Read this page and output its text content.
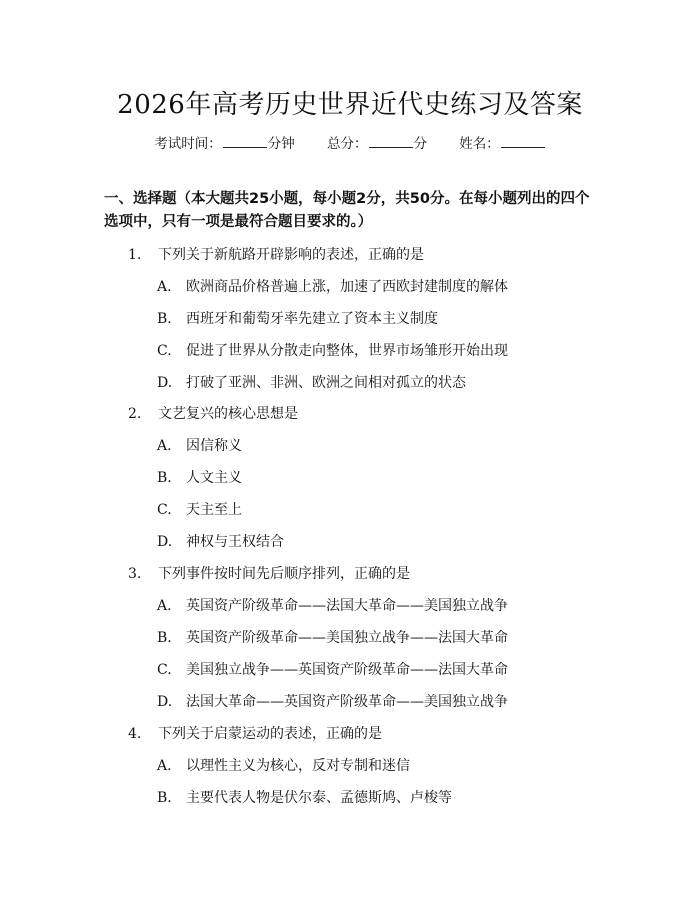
2026年高考历史世界近代史练习及答案
考试时间：	分钟 总分：	分 姓名：
一、选择题（本大题共25小题，每小题2分，共50分。在每小题列出的四个选项中，只有一项是最符合题目要求的。）
1. 下列关于新航路开辟影响的表述，正确的是
A. 欧洲商品价格普遍上涨，加速了西欧封建制度的解体
B. 西班牙和葡萄牙率先建立了资本主义制度
C. 促进了世界从分散走向整体，世界市场雏形开始出现
D. 打破了亚洲、非洲、欧洲之间相对孤立的状态
2. 文艺复兴的核心思想是
A. 因信称义
B. 人文主义
C. 天主至上
D. 神权与王权结合
3. 下列事件按时间先后顺序排列，正确的是
A. 英国资产阶级革命——法国大革命——美国独立战争
B. 英国资产阶级革命——美国独立战争——法国大革命
C. 美国独立战争——英国资产阶级革命——法国大革命
D. 法国大革命——英国资产阶级革命——美国独立战争
4. 下列关于启蒙运动的表述，正确的是
A. 以理性主义为核心，反对专制和迷信
B. 主要代表人物是伏尔泰、孟德斯鸠、卢梭等
